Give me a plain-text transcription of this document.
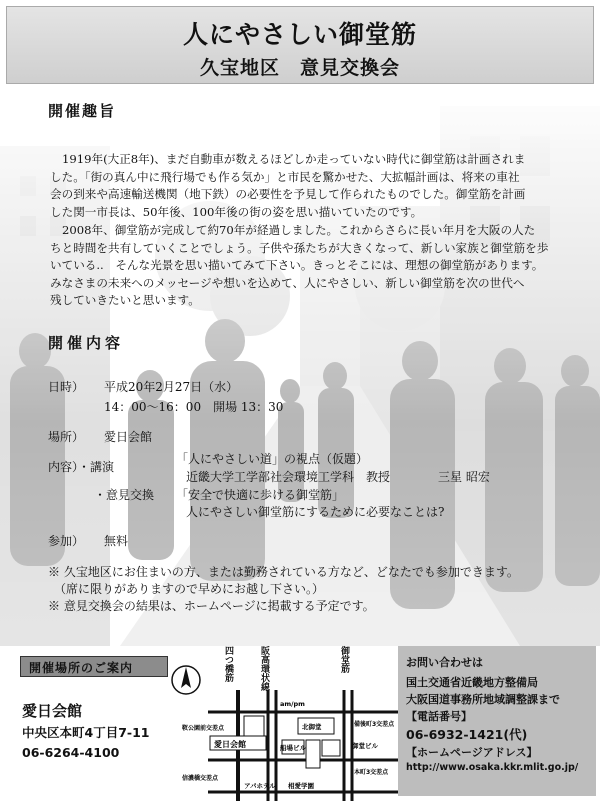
人にやさしい御堂筋
久宝地区　意見交換会
開催趣旨
1919年(大正8年)、まだ自動車が数えるほどしか走っていない時代に御堂筋は計画されま
した。「街の真ん中に飛行場でも作る気か」と市民を驚かせた、大拡幅計画は、将来の車社
会の到来や高速輸送機関（地下鉄）の必要性を予見して作られたものでした。御堂筋を計画
した関一市長は、50年後、100年後の街の姿を思い描いていたのです。
2008年、御堂筋が完成して約70年が経過しました。これからさらに長い年月を大阪の人た
ちと時間を共有していくことでしょう。子供や孫たちが大きくなって、新しい家族と御堂筋を歩
いている..　そんな光景を思い描いてみて下さい。きっとそこには、理想の御堂筋があります。
みなさまの未来へのメッセージや想いを込めて、人にやさしい、新しい御堂筋を次の世代へ
残していきたいと思います。
開催内容
日時） 平成20年2月27日（水）
14：00〜16：00　開場 13：30
場所） 愛日会館
内容）・講演
「人にやさしい道」の視点（仮題）
近畿大学工学部社会環境工学科　教授	三星 昭宏
・意見交換 「安全で快適に歩ける御堂筋」
人にやさしい御堂筋にするために必要なことは?
参加） 無料
※ 久宝地区にお住まいの方、または勤務されている方など、どなたでも参加できます。
　（席に限りがありますので早めにお越し下さい。）
※ 意見交換会の結果は、ホームページに掲載する予定です。
開催場所のご案内
愛日会館
中央区本町4丁目7-11
06-6264-4100
四つ橋筋	阪高環状線	御堂筋
am/pm
靫公園前交差点
信濃橋交差点
愛日会館
北御堂
御堂ビル
船場ビル
備後町3交差点
本町3交差点
アパホテル 相愛学園
お問い合わせは
国土交通省近畿地方整備局
大阪国道事務所地域調整課まで
【電話番号】
06-6932-1421(代)
【ホームページアドレス】
http://www.osaka.kkr.mlit.go.jp/
